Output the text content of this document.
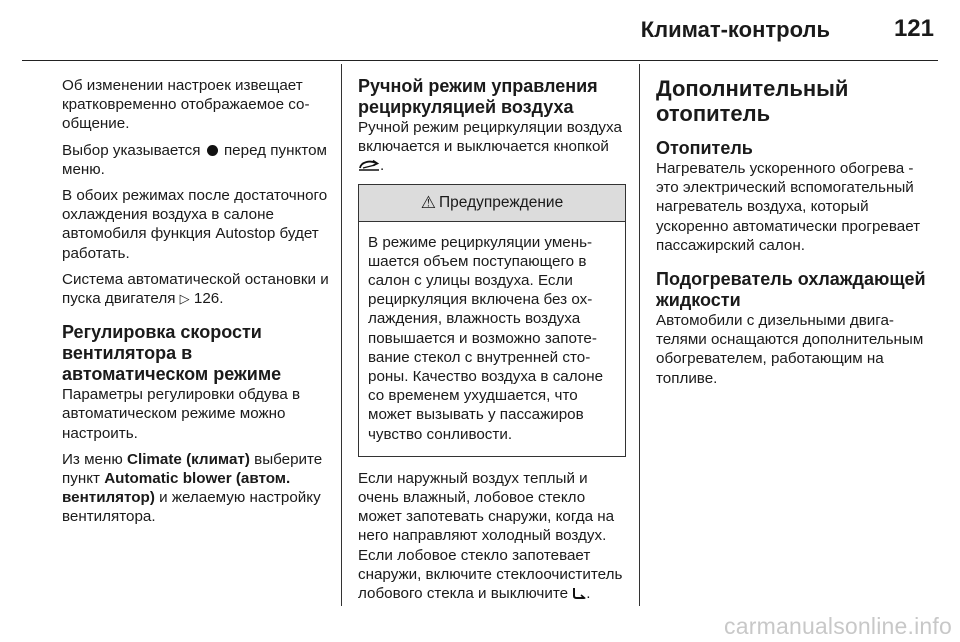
Климат-контроль	121

Об изменении настроек извещает кратковременно отображаемое сообщение.

Выбор указывается перед пунктом меню.

В обоих режимах после достаточного охлаждения воздуха в салоне автомобиля функция Autostop будет работать.

Система автоматической остановки и пуска двигателя ▷ 126.

Регулировка скорости вентилятора в автоматическом режиме

Параметры регулировки обдува в автоматическом режиме можно настроить.

Из меню Climate (климат) выберите пункт Automatic blower (автом. вентилятор) и желаемую настройку вентилятора.

Ручной режим управления рециркуляцией воздуха

Ручной режим рециркуляции воздуха включается и выключается кнопкой .

⚠ Предупреждение
В режиме рециркуляции уменьшается объем поступающего в салон с улицы воздуха. Если рециркуляция включена без охлаждения, влажность воздуха повышается и возможно запотевание стекол с внутренней стороны. Качество воздуха в салоне со временем ухудшается, что может вызывать у пассажиров чувство сонливости.

Если наружный воздух теплый и очень влажный, лобовое стекло может запотевать снаружи, когда на него направляют холодный воздух. Если лобовое стекло запотевает снаружи, включите стеклоочиститель лобового стекла и выключите .

Дополнительный отопитель
Отопитель

Нагреватель ускоренного обогрева - это электрический вспомогательный нагреватель воздуха, который ускоренно автоматически прогревает пассажирский салон.

Подогреватель охлаждающей жидкости

Автомобили с дизельными двигателями оснащаются дополнительным обогревателем, работающим на топливе.

carmanualsonline.info
